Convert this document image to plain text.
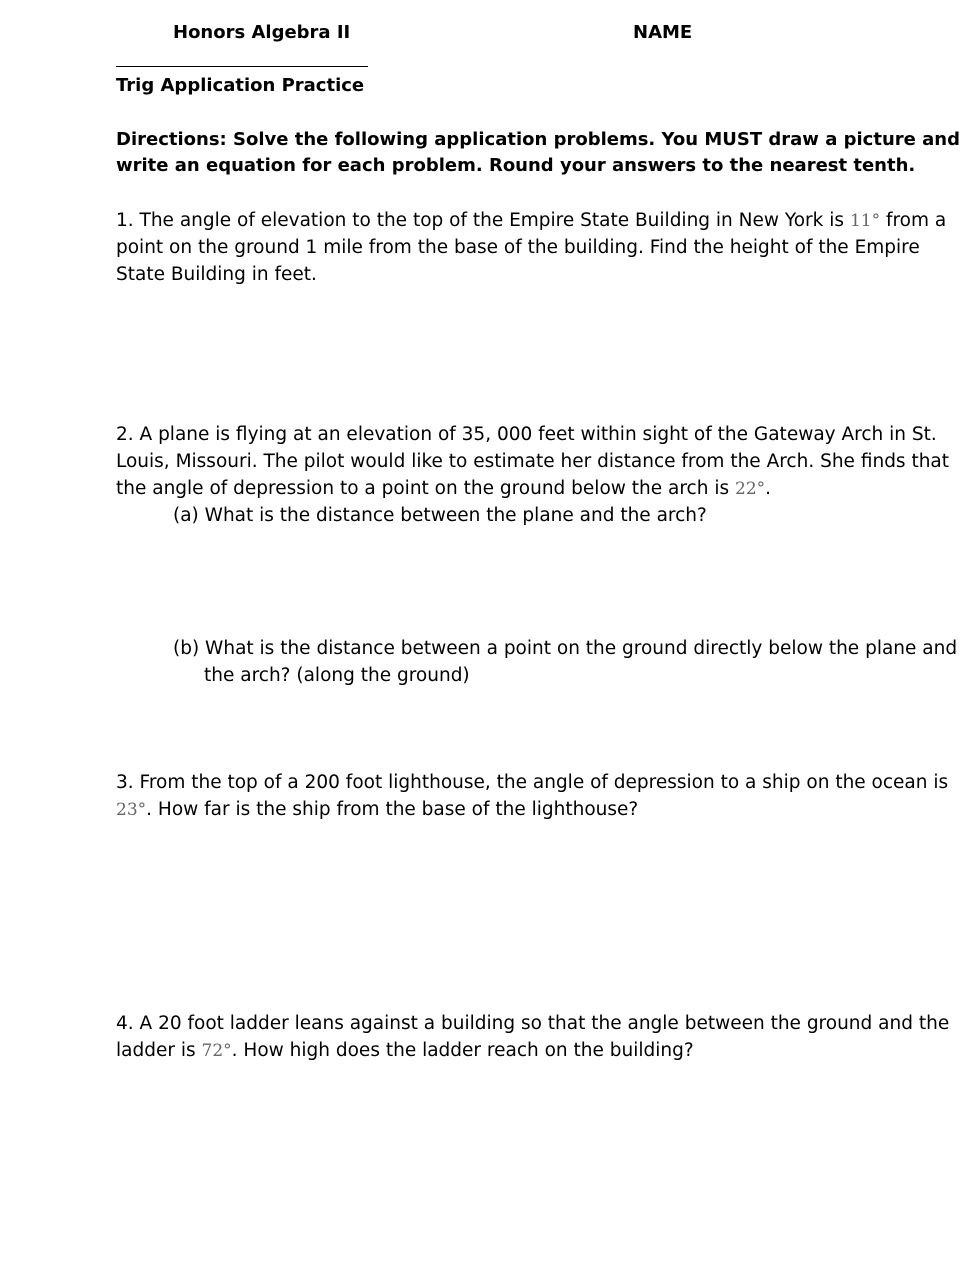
Honors Algebra II	NAME
Trig Application Practice
Directions: Solve the following application problems. You MUST draw a picture and
write an equation for each problem. Round your answers to the nearest tenth.
1. The angle of elevation to the top of the Empire State Building in New York is 11° from a
point on the ground 1 mile from the base of the building. Find the height of the Empire
State Building in feet.
2. A plane is flying at an elevation of 35, 000 feet within sight of the Gateway Arch in St.
Louis, Missouri. The pilot would like to estimate her distance from the Arch. She finds that
the angle of depression to a point on the ground below the arch is 22°.
(a) What is the distance between the plane and the arch?
(b) What is the distance between a point on the ground directly below the plane and
the arch? (along the ground)
3. From the top of a 200 foot lighthouse, the angle of depression to a ship on the ocean is
23°. How far is the ship from the base of the lighthouse?
4. A 20 foot ladder leans against a building so that the angle between the ground and the
ladder is 72°. How high does the ladder reach on the building?
